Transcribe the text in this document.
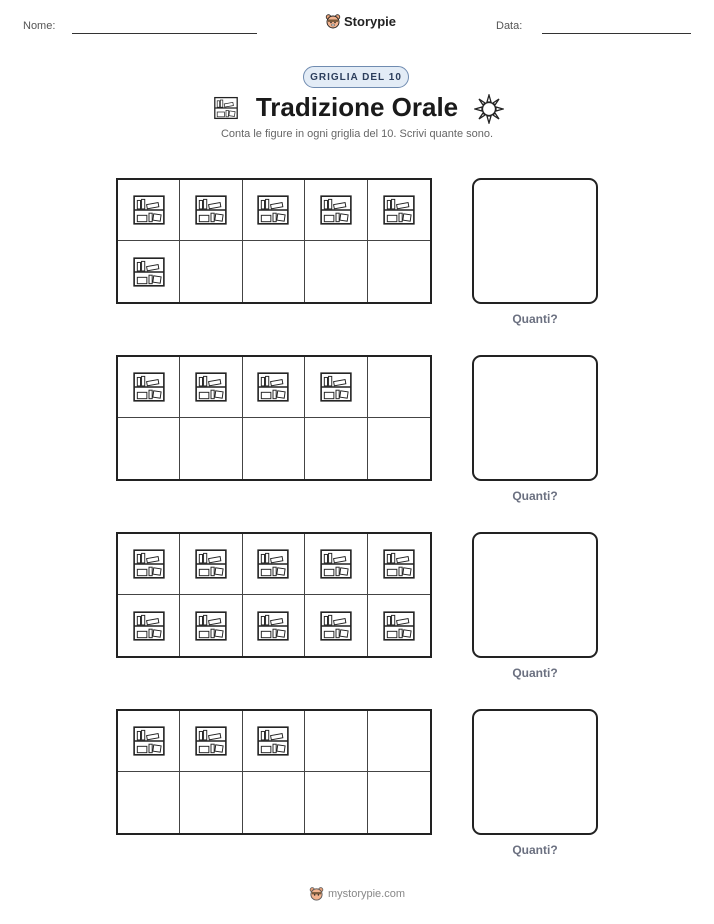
Nome:	Storypie	Data:
GRIGLIA DEL 10
Tradizione Orale
Conta le figure in ogni griglia del 10. Scrivi quante sono.
Quanti?
Quanti?
Quanti?
Quanti?
mystorypie.com
